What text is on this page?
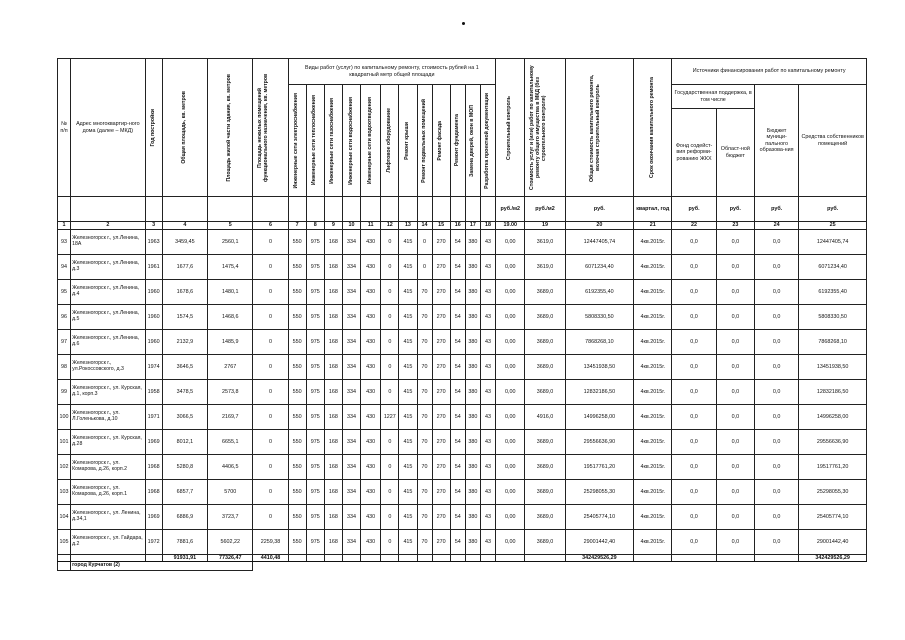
№ п/п	Адрес многоквартир-ного дома (далее – МКД)	Год постройки	Общая площадь, кв. метров	Площадь жилой части здания, кв. метров	Площадь нежилых помещений функционального назначения, кв. метров	Виды работ (услуг) по капитальному ремонту, стоимость рублей на 1 квадратный метр общей площади												Строительный контроль	Стоимость услуг и (или) работ по капитальному ремонту общего имущества в МКД (без строительного контроля)	Общая стоимость капитального ремонта, включая строительный контроль	Срок окончания капитального ремонта	Источники финансирования работ по капитальному ремонту			

						Инженерные сети электроснабжения	Инженерные сети теплоснабжения	Инженерные сети газоснабжения	Инженерные сети водоснабжения	Инженерные сети водоотведения	Лифтовое оборудование	Ремонт крыши	Ремонт подвальных помещений	Ремонт фасада	Ремонт фундамента	Замена дверей, окон в МОП	Разработка проектной документации					Государственная поддержка, в том числе		Бюджет муници-пального образова-ния	Средства собственников помещений
																						Фонд содейст-вия реформи-рованию ЖКХ	Област-ной бюджет		
																		руб./м2	руб./м2	руб.	квартал, год	руб.	руб.	руб.	руб.
1	2	3	4	5	6	7	8	9	10	11	12	13	14	15	16	17	18	19.00	19	20	21	22	23	24	25
93	Железногорск г., ул.Ленина, 18А	1963	3459,45	2560,1	0	550	975	168	334	430	0	415	0	270	54	380	43	0,00	3619,0	12447405,74	4кв.2015г.	0,0	0,0	0,0	12447405,74
94	Железногорск г., ул.Ленина, д.3	1961	1677,6	1475,4	0	550	975	168	334	430	0	415	0	270	54	380	43	0,00	3619,0	6071234,40	4кв.2015г.	0,0	0,0	0,0	6071234,40
95	Железногорск г., ул.Ленина, д.4	1960	1678,6	1480,1	0	550	975	168	334	430	0	415	70	270	54	380	43	0,00	3689,0	6192355,40	4кв.2015г.	0,0	0,0	0,0	6192355,40
96	Железногорск г., ул.Ленина, д.5	1960	1574,5	1468,6	0	550	975	168	334	430	0	415	70	270	54	380	43	0,00	3689,0	5808330,50	4кв.2015г.	0,0	0,0	0,0	5808330,50
97	Железногорск г., ул.Ленина, д.6	1960	2132,9	1485,9	0	550	975	168	334	430	0	415	70	270	54	380	43	0,00	3689,0	7868268,10	4кв.2015г.	0,0	0,0	0,0	7868268,10
98	Железногорск г., ул.Рокоссовского, д.3	1974	3646,5	2767	0	550	975	168	334	430	0	415	70	270	54	380	43	0,00	3689,0	13451938,50	4кв.2015г.	0,0	0,0	0,0	13451938,50
99	Железногорск г., ул. Курская, д.1, корп.3	1958	3478,5	2573,8	0	550	975	168	334	430	0	415	70	270	54	380	43	0,00	3689,0	12832186,50	4кв.2015г.	0,0	0,0	0,0	12832186,50
100	Железногорск г., ул. Л.Голенькова, д.10	1971	3066,5	2169,7	0	550	975	168	334	430	1227	415	70	270	54	380	43	0,00	4916,0	14996258,00	4кв.2015г.	0,0	0,0	0,0	14996258,00
101	Железногорск г., ул. Курская, д.28	1969	8012,1	6655,1	0	550	975	168	334	430	0	415	70	270	54	380	43	0,00	3689,0	29556636,90	4кв.2015г.	0,0	0,0	0,0	29556636,90
102	Железногорск г., ул. Комарова, д.26, корп.2	1968	5280,8	4406,5	0	550	975	168	334	430	0	415	70	270	54	380	43	0,00	3689,0	19517761,20	4кв.2015г.	0,0	0,0	0,0	19517761,20
103	Железногорск г., ул. Комарова, д.26, корп.1	1968	6857,7	5700	0	550	975	168	334	430	0	415	70	270	54	380	43	0,00	3689,0	25298055,30	4кв.2015г.	0,0	0,0	0,0	25298055,30
104	Железногорск г., ул. Ленина, д.34,1	1969	6886,9	3723,7	0	550	975	168	334	430	0	415	70	270	54	380	43	0,00	3689,0	25405774,10	4кв.2015г.	0,0	0,0	0,0	25405774,10
105	Железногорск г., ул. Гайдара, д.2	1972	7881,6	5602,22	2259,38	550	975	168	334	430	0	415	70	270	54	380	43	0,00	3689,0	29001442,40	4кв.2015г.	0,0	0,0	0,0	29001442,40
			91931,91	77326,47	4410,48															342429526,29					342429526,29
	город Курчатов (2)																								
